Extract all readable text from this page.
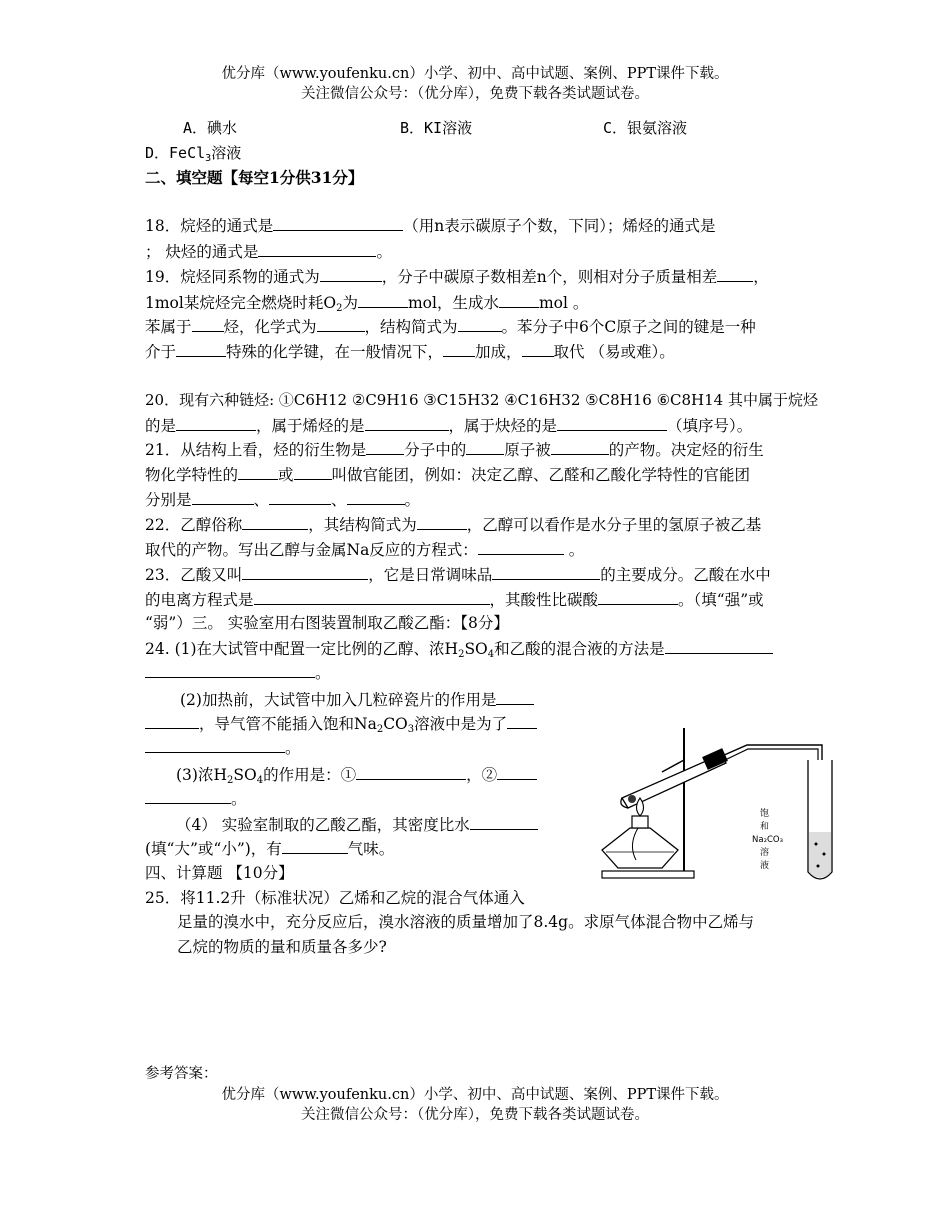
优分库（www.youfenku.cn）小学、初中、高中试题、案例、PPT课件下载。
关注微信公众号：（优分库），免费下载各类试题试卷。
A．碘水	B．KI溶液	C．银氨溶液
D．FeCl$_3$溶液
二、填空题【每空1分供31分】
18．烷烃的通式是	（用n表示碳原子个数，下同）；烯烃的通式是
； 炔烃的通式是	。
19．烷烃同系物的通式为	，分子中碳原子数相差n个，则相对分子质量相差 ，
1mol某烷烃完全燃烧时耗$O_2$为	mol，生成水	mol 。
苯属于 烃，化学式为	，结构简式为	。苯分子中6个C原子之间的键是一种
介于	特殊的化学键，在一般情况下， 加成， 取代 （易或难）。
20．现有六种链烃: ①C6H12 ②C9H16 ③C15H32 ④C16H32 ⑤C8H16 ⑥C8H14 其中属于烷烃
的是	，属于烯烃的是	，属于炔烃的是	（填序号）。
21．从结构上看，烃的衍生物是 分子中的 原子被	的产物。决定烃的衍生
物化学特性的	或 叫做官能团，例如：决定乙醇、乙醛和乙酸化学特性的官能团
分别是	、	、	。
22．乙醇俗称	，其结构简式为	，乙醇可以看作是水分子里的氢原子被乙基
取代的产物。写出乙醇与金属Na反应的方程式：	。
23．乙酸又叫	，它是日常调味品	的主要成分。乙酸在水中
的电离方程式是	，其酸性比碳酸	。（填“强”或
“弱”）三。 实验室用右图装置制取乙酸乙酯：【8分】
24. (1)在大试管中配置一定比例的乙醇、浓$H_2SO_4$和乙酸的混合液的方法是
。
(2)加热前，大试管中加入几粒碎瓷片的作用是
，导气管不能插入饱和$Na_2CO_3$溶液中是为了
。
(3)浓$H_2SO_4$的作用是：①	，②
。
（4） 实验室制取的乙酸乙酯，其密度比水
(填“大”或“小”)，有	气味。
四、计算题 【10分】
25．将11.2升（标准状况）乙烯和乙烷的混合气体通入
足量的溴水中，充分反应后，溴水溶液的质量增加了8.4g。求原气体混合物中乙烯与
乙烷的物质的量和质量各多少?
参考答案：
优分库（www.youfenku.cn）小学、初中、高中试题、案例、PPT课件下载。
关注微信公众号：（优分库），免费下载各类试题试卷。
饱
和
Na₂CO₃
溶
液
